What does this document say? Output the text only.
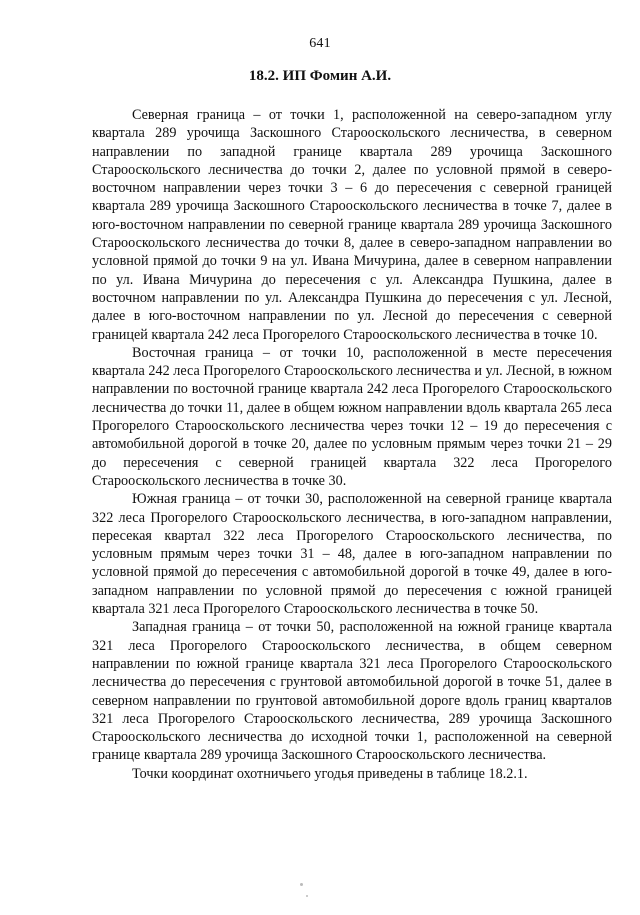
641
18.2. ИП Фомин А.И.

Северная граница – от точки 1, расположенной на северо-западном углу квартала 289 урочища Заскошного Старооскольского лесничества, в северном направлении по западной границе квартала 289 урочища Заскошного Старооскольского лесничества до точки 2, далее по условной прямой в северо-восточном направлении через точки 3 – 6 до пересечения с северной границей квартала 289 урочища Заскошного Старооскольского лесничества в точке 7, далее в юго-восточном направлении по северной границе квартала 289 урочища Заскошного Старооскольского лесничества до точки 8, далее в северо-западном направлении во условной прямой до точки 9 на ул. Ивана Мичурина, далее в северном направлении по ул. Ивана Мичурина до пересечения с ул. Александра Пушкина, далее в восточном направлении по ул. Александра Пушкина до пересечения с ул. Лесной, далее в юго-восточном направлении по ул. Лесной до пересечения с северной границей квартала 242 леса Прогорелого Старооскольского лесничества в точке 10.

Восточная граница – от точки 10, расположенной в месте пересечения квартала 242 леса Прогорелого Старооскольского лесничества и ул. Лесной, в южном направлении по восточной границе квартала 242 леса Прогорелого Старооскольского лесничества до точки 11, далее в общем южном направлении вдоль квартала 265 леса Прогорелого Старооскольского лесничества через точки 12 – 19 до пересечения с автомобильной дорогой в точке 20, далее по условным прямым через точки 21 – 29 до пересечения с северной границей квартала 322 леса Прогорелого Старооскольского лесничества в точке 30.

Южная граница – от точки 30, расположенной на северной границе квартала 322 леса Прогорелого Старооскольского лесничества, в юго-западном направлении, пересекая квартал 322 леса Прогорелого Старооскольского лесничества, по условным прямым через точки 31 – 48, далее в юго-западном направлении по условной прямой до пересечения с автомобильной дорогой в точке 49, далее в юго-западном направлении по условной прямой до пересечения с южной границей квартала 321 леса Прогорелого Старооскольского лесничества в точке 50.

Западная граница – от точки 50, расположенной на южной границе квартала 321 леса Прогорелого Старооскольского лесничества, в общем северном направлении по южной границе квартала 321 леса Прогорелого Старооскольского лесничества до пересечения с грунтовой автомобильной дорогой в точке 51, далее в северном направлении по грунтовой автомобильной дороге вдоль границ кварталов 321 леса Прогорелого Старооскольского лесничества, 289 урочища Заскошного Старооскольского лесничества до исходной точки 1, расположенной на северной границе квартала 289 урочища Заскошного Старооскольского лесничества.

Точки координат охотничьего угодья приведены в таблице 18.2.1.
